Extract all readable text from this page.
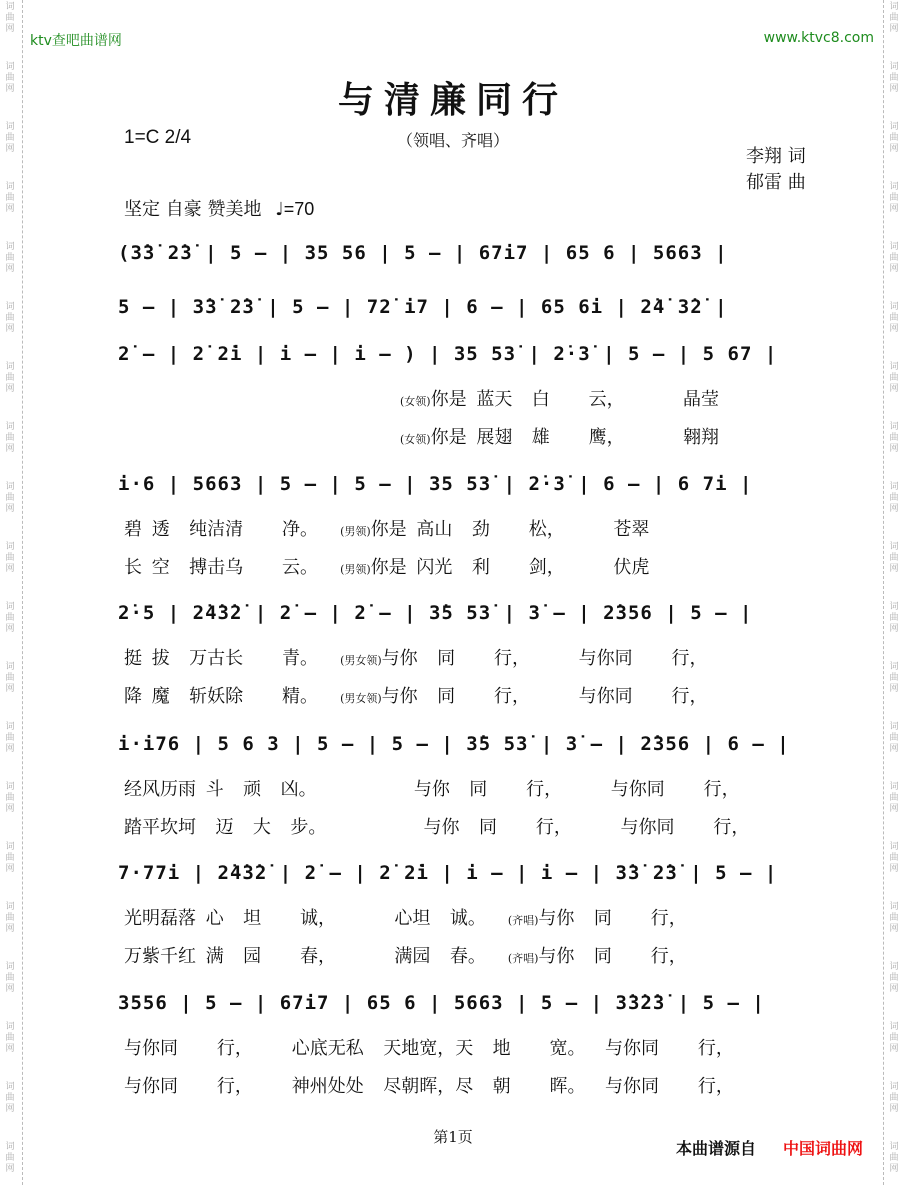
词
曲
网
词
曲
网
词
曲
网
词
曲
网
词
曲
网
词
曲
网
词
曲
网
词
曲
网
词
曲
网
词
曲
网
词
曲
网
词
曲
网
词
曲
网
词
曲
网
词
曲
网
词
曲
网
词
曲
网
词
曲
网
词
曲
网
词
曲
网
词
曲
网
词
曲
网
词
曲
网
词
曲
网
词
曲
网
词
曲
网
词
曲
网
词
曲
网
词
曲
网
词
曲
网
词
曲
网
词
曲
网
词
曲
网
词
曲
网
词
曲
网
词
曲
网
词
曲
网
词
曲
网
词
曲
网
词
曲
网
ktv查吧曲谱网	www.ktvc8.com
与清廉同行
（领唱、齐唱）
1=C 2/4
李翔 词
郁雷 曲
坚定 自豪 赞美地 ♩=70
(3̇3̇ 2̇3̇ | 5 – | 35 56 | 5 – | 67i7 | 65 6 | 5663 |
5 – | 3̇3̇ 2̇3̇ | 5 – | 72̇ i7 | 6 – | 65 6i | 2̇4̇ 3̇2̇ |
2̇ – | 2̇ 2̇i | i – | i – ) | 35 53̇ | 2̇·3̇ | 5 – | 5 67 |
(女领)你是 蓝天  白    云，      晶莹
(女领)你是 展翅  雄    鹰，      翱翔
i·6 | 5663 | 5 – | 5 – | 35 53̇ | 2̇·3̇ | 6 – | 6 7i |
碧 透  纯洁清    净。 (男领)你是 高山  劲    松，     苍翠
长 空  搏击乌    云。 (男领)你是 闪光  利    剑，     伏虎
2̇·5 | 2̇4̇3̇2̇ | 2̇ – | 2̇ – | 3̇5 53̇ | 3̇ – | 2̇356 | 5 – |
挺 拔  万古长    青。 (男女领)与你  同    行，     与你同    行，
降 魔  斩妖除    精。 (男女领)与你  同    行，     与你同    行，
i·i76 | 5 6 3 | 5 – | 5 – | 3̇5 53̇ | 3̇ – | 2̇356 | 6 – |
经风历雨 斗  顽  凶。          与你  同    行，     与你同    行，
踏平坎坷  迈  大  步。          与你  同    行，     与你同    行，
7·77i | 2̇4̇3̇2̇ | 2̇ – | 2̇ 2̇i | i – | i – | 3̇3̇ 2̇3̇ | 5 – |
光明磊落 心  坦    诚，      心坦  诚。 (齐唱)与你  同    行，
万紫千红 满  园    春，      满园  春。 (齐唱)与你  同    行，
3556 | 5 – | 67i7 | 65 6 | 5663 | 5 – | 3̇3̇2̇3̇ | 5 – |
与你同    行，    心底无私  天地宽，天  地    宽。  与你同    行，
与你同    行，    神州处处  尽朝晖，尽  朝    晖。  与你同    行，
第1页
本曲谱源自 中国词曲网
